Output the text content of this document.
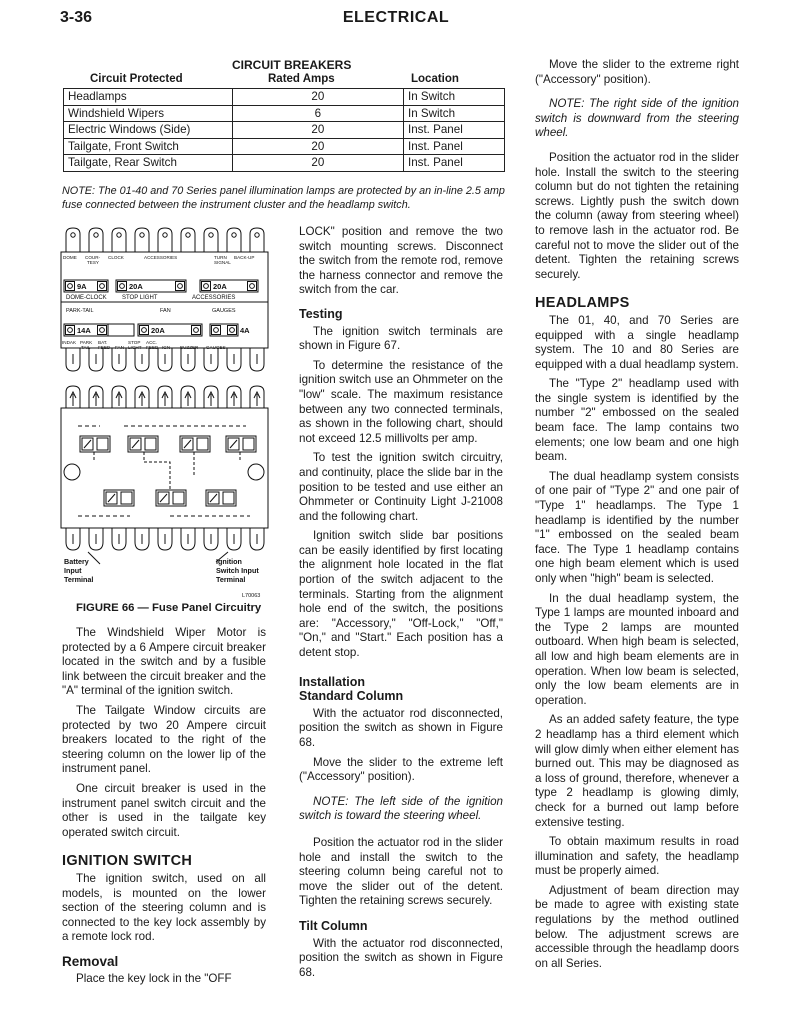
3-36	ELECTRICAL
CIRCUIT BREAKERS
Circuit Protected	Rated Amps	Location
Headlamps	20	In Switch
Windshield Wipers	6	In Switch
Electric Windows (Side)	20	Inst. Panel
Tailgate, Front Switch	20	Inst. Panel
Tailgate, Rear Switch	20	Inst. Panel
NOTE: The 01-40 and 70 Series panel illumination lamps are protected by an in-line 2.5 amp fuse connected between the instrument cluster and the headlamp switch.
DOME COUR-
TESY
CLOCK	ACCESSORIES	TURN
SIGNAL
BACK-UP
9A	20A	20A
DOME-CLOCK	STOP LIGHT	ACCESSORIES
PARK-TAIL	FAN	GAUGES
14A	20A	4A
INDAK PARK
TAIL
BAT.
FEED FAN
STOP
LIGHT
ACC.
FEED IGN BUZZER GAUGES
Battery
Input
Terminal
Ignition
Switch Input
Terminal
L70063
FIGURE 66 — Fuse Panel Circuitry

The Windshield Wiper Motor is protected by a 6 Ampere circuit breaker located in the switch and by a fusible link between the circuit breaker and the "A" terminal of the ignition switch.

The Tailgate Window circuits are protected by two 20 Ampere circuit breakers located to the right of the steering column on the lower lip of the instrument panel.

One circuit breaker is used in the instrument panel switch circuit and the other is used in the tailgate key operated switch circuit.

IGNITION SWITCH

The ignition switch, used on all models, is mounted on the lower section of the steering column and is connected to the key lock assembly by a remote lock rod.

Removal

Place the key lock in the "OFF

LOCK" position and remove the two switch mounting screws. Disconnect the switch from the remote rod, remove the harness connector and remove the switch from the car.

Testing

The ignition switch terminals are shown in Figure 67.

To determine the resistance of the ignition switch use an Ohmmeter on the "low" scale. The maximum resistance between any two connected terminals, as shown in the following chart, should not exceed 12.5 millivolts per amp.

To test the ignition switch circuitry, and continuity, place the slide bar in the position to be tested and use either an Ohmmeter or Continuity Light J-21008 and the following chart.

Ignition switch slide bar positions can be easily identified by first locating the alignment hole located in the flat portion of the switch adjacent to the terminals. Starting from the alignment hole end of the switch, the positions are: "Accessory," "Off-Lock," "Off," "On," and "Start." Each position has a detent stop.

Installation
Standard Column

With the actuator rod disconnected, position the switch as shown in Figure 68.

Move the slider to the extreme left ("Accessory" position).

NOTE: The left side of the ignition switch is toward the steering wheel.

Position the actuator rod in the slider hole and install the switch to the steering column being careful not to move the slider out of the detent. Tighten the retaining screws securely.

Tilt Column

With the actuator rod disconnected, position the switch as shown in Figure 68.

Move the slider to the extreme right ("Accessory" position).

NOTE: The right side of the ignition switch is downward from the steering wheel.

Position the actuator rod in the slider hole. Install the switch to the steering column but do not tighten the retaining screws. Lightly push the switch down the column (away from steering wheel) to remove lash in the actuator rod. Be careful not to move the slider out of the detent. Tighten the retaining screws securely.

HEADLAMPS

The 01, 40, and 70 Series are equipped with a single headlamp system. The 10 and 80 Series are equipped with a dual headlamp system.

The "Type 2" headlamp used with the single system is identified by the number "2" embossed on the sealed beam face. The lamp contains two elements; one low beam and one high beam.

The dual headlamp system consists of one pair of "Type 2" and one pair of "Type 1" headlamps. The Type 1 headlamp is identified by the number "1" embossed on the sealed beam face. The Type 1 headlamp contains one high beam element which is used only when "high" beam is selected.

In the dual headlamp system, the Type 1 lamps are mounted inboard and the Type 2 lamps are mounted outboard. When high beam is selected, all low and high beam elements are in operation. When low beam is selected, only the low beam elements are in operation.

As an added safety feature, the type 2 headlamp has a third element which will glow dimly when either element has burned out. This may be diagnosed as a loss of ground, therefore, whenever a type 2 headlamp is glowing dimly, check for a burned out lamp before extensive testing.

To obtain maximum results in road illumination and safety, the headlamp must be properly aimed.

Adjustment of beam direction may be made to agree with existing state regulations by the method outlined below. The adjustment screws are accessible through the headlamp doors on all Series.
